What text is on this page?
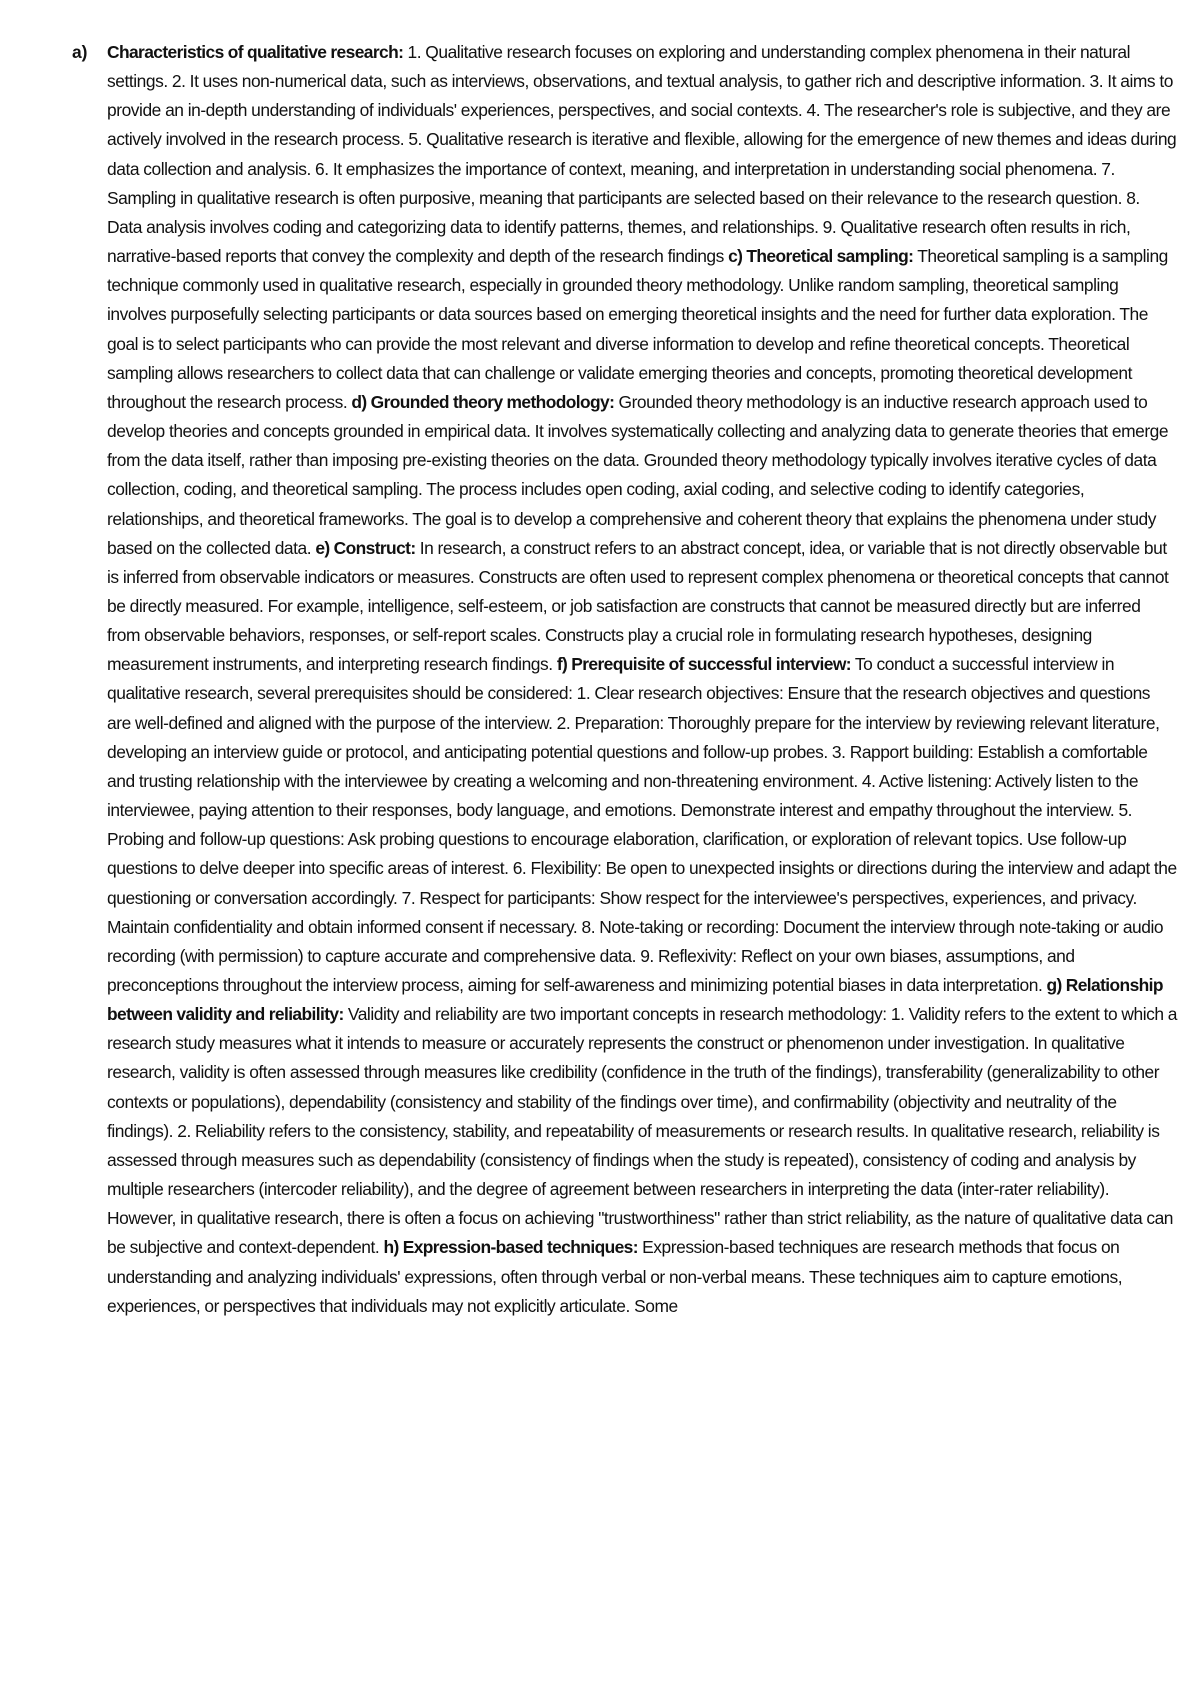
a) Characteristics of qualitative research: 1. Qualitative research focuses on exploring and understanding complex phenomena in their natural settings. 2. It uses non-numerical data, such as interviews, observations, and textual analysis, to gather rich and descriptive information. 3. It aims to provide an in-depth understanding of individuals' experiences, perspectives, and social contexts. 4. The researcher's role is subjective, and they are actively involved in the research process. 5. Qualitative research is iterative and flexible, allowing for the emergence of new themes and ideas during data collection and analysis. 6. It emphasizes the importance of context, meaning, and interpretation in understanding social phenomena. 7. Sampling in qualitative research is often purposive, meaning that participants are selected based on their relevance to the research question. 8. Data analysis involves coding and categorizing data to identify patterns, themes, and relationships. 9. Qualitative research often results in rich, narrative-based reports that convey the complexity and depth of the research findings c) Theoretical sampling: Theoretical sampling is a sampling technique commonly used in qualitative research, especially in grounded theory methodology. Unlike random sampling, theoretical sampling involves purposefully selecting participants or data sources based on emerging theoretical insights and the need for further data exploration. The goal is to select participants who can provide the most relevant and diverse information to develop and refine theoretical concepts. Theoretical sampling allows researchers to collect data that can challenge or validate emerging theories and concepts, promoting theoretical development throughout the research process. d) Grounded theory methodology: Grounded theory methodology is an inductive research approach used to develop theories and concepts grounded in empirical data. It involves systematically collecting and analyzing data to generate theories that emerge from the data itself, rather than imposing pre-existing theories on the data. Grounded theory methodology typically involves iterative cycles of data collection, coding, and theoretical sampling. The process includes open coding, axial coding, and selective coding to identify categories, relationships, and theoretical frameworks. The goal is to develop a comprehensive and coherent theory that explains the phenomena under study based on the collected data. e) Construct: In research, a construct refers to an abstract concept, idea, or variable that is not directly observable but is inferred from observable indicators or measures. Constructs are often used to represent complex phenomena or theoretical concepts that cannot be directly measured. For example, intelligence, self-esteem, or job satisfaction are constructs that cannot be measured directly but are inferred from observable behaviors, responses, or self-report scales. Constructs play a crucial role in formulating research hypotheses, designing measurement instruments, and interpreting research findings. f) Prerequisite of successful interview: To conduct a successful interview in qualitative research, several prerequisites should be considered: 1. Clear research objectives: Ensure that the research objectives and questions are well-defined and aligned with the purpose of the interview. 2. Preparation: Thoroughly prepare for the interview by reviewing relevant literature, developing an interview guide or protocol, and anticipating potential questions and follow-up probes. 3. Rapport building: Establish a comfortable and trusting relationship with the interviewee by creating a welcoming and non-threatening environment. 4. Active listening: Actively listen to the interviewee, paying attention to their responses, body language, and emotions. Demonstrate interest and empathy throughout the interview. 5. Probing and follow-up questions: Ask probing questions to encourage elaboration, clarification, or exploration of relevant topics. Use follow-up questions to delve deeper into specific areas of interest. 6. Flexibility: Be open to unexpected insights or directions during the interview and adapt the questioning or conversation accordingly. 7. Respect for participants: Show respect for the interviewee's perspectives, experiences, and privacy. Maintain confidentiality and obtain informed consent if necessary. 8. Note-taking or recording: Document the interview through note-taking or audio recording (with permission) to capture accurate and comprehensive data. 9. Reflexivity: Reflect on your own biases, assumptions, and preconceptions throughout the interview process, aiming for self-awareness and minimizing potential biases in data interpretation. g) Relationship between validity and reliability: Validity and reliability are two important concepts in research methodology: 1. Validity refers to the extent to which a research study measures what it intends to measure or accurately represents the construct or phenomenon under investigation. In qualitative research, validity is often assessed through measures like credibility (confidence in the truth of the findings), transferability (generalizability to other contexts or populations), dependability (consistency and stability of the findings over time), and confirmability (objectivity and neutrality of the findings). 2. Reliability refers to the consistency, stability, and repeatability of measurements or research results. In qualitative research, reliability is assessed through measures such as dependability (consistency of findings when the study is repeated), consistency of coding and analysis by multiple researchers (intercoder reliability), and the degree of agreement between researchers in interpreting the data (inter-rater reliability). However, in qualitative research, there is often a focus on achieving "trustworthiness" rather than strict reliability, as the nature of qualitative data can be subjective and context-dependent. h) Expression-based techniques: Expression-based techniques are research methods that focus on understanding and analyzing individuals' expressions, often through verbal or non-verbal means. These techniques aim to capture emotions, experiences, or perspectives that individuals may not explicitly articulate. Some
